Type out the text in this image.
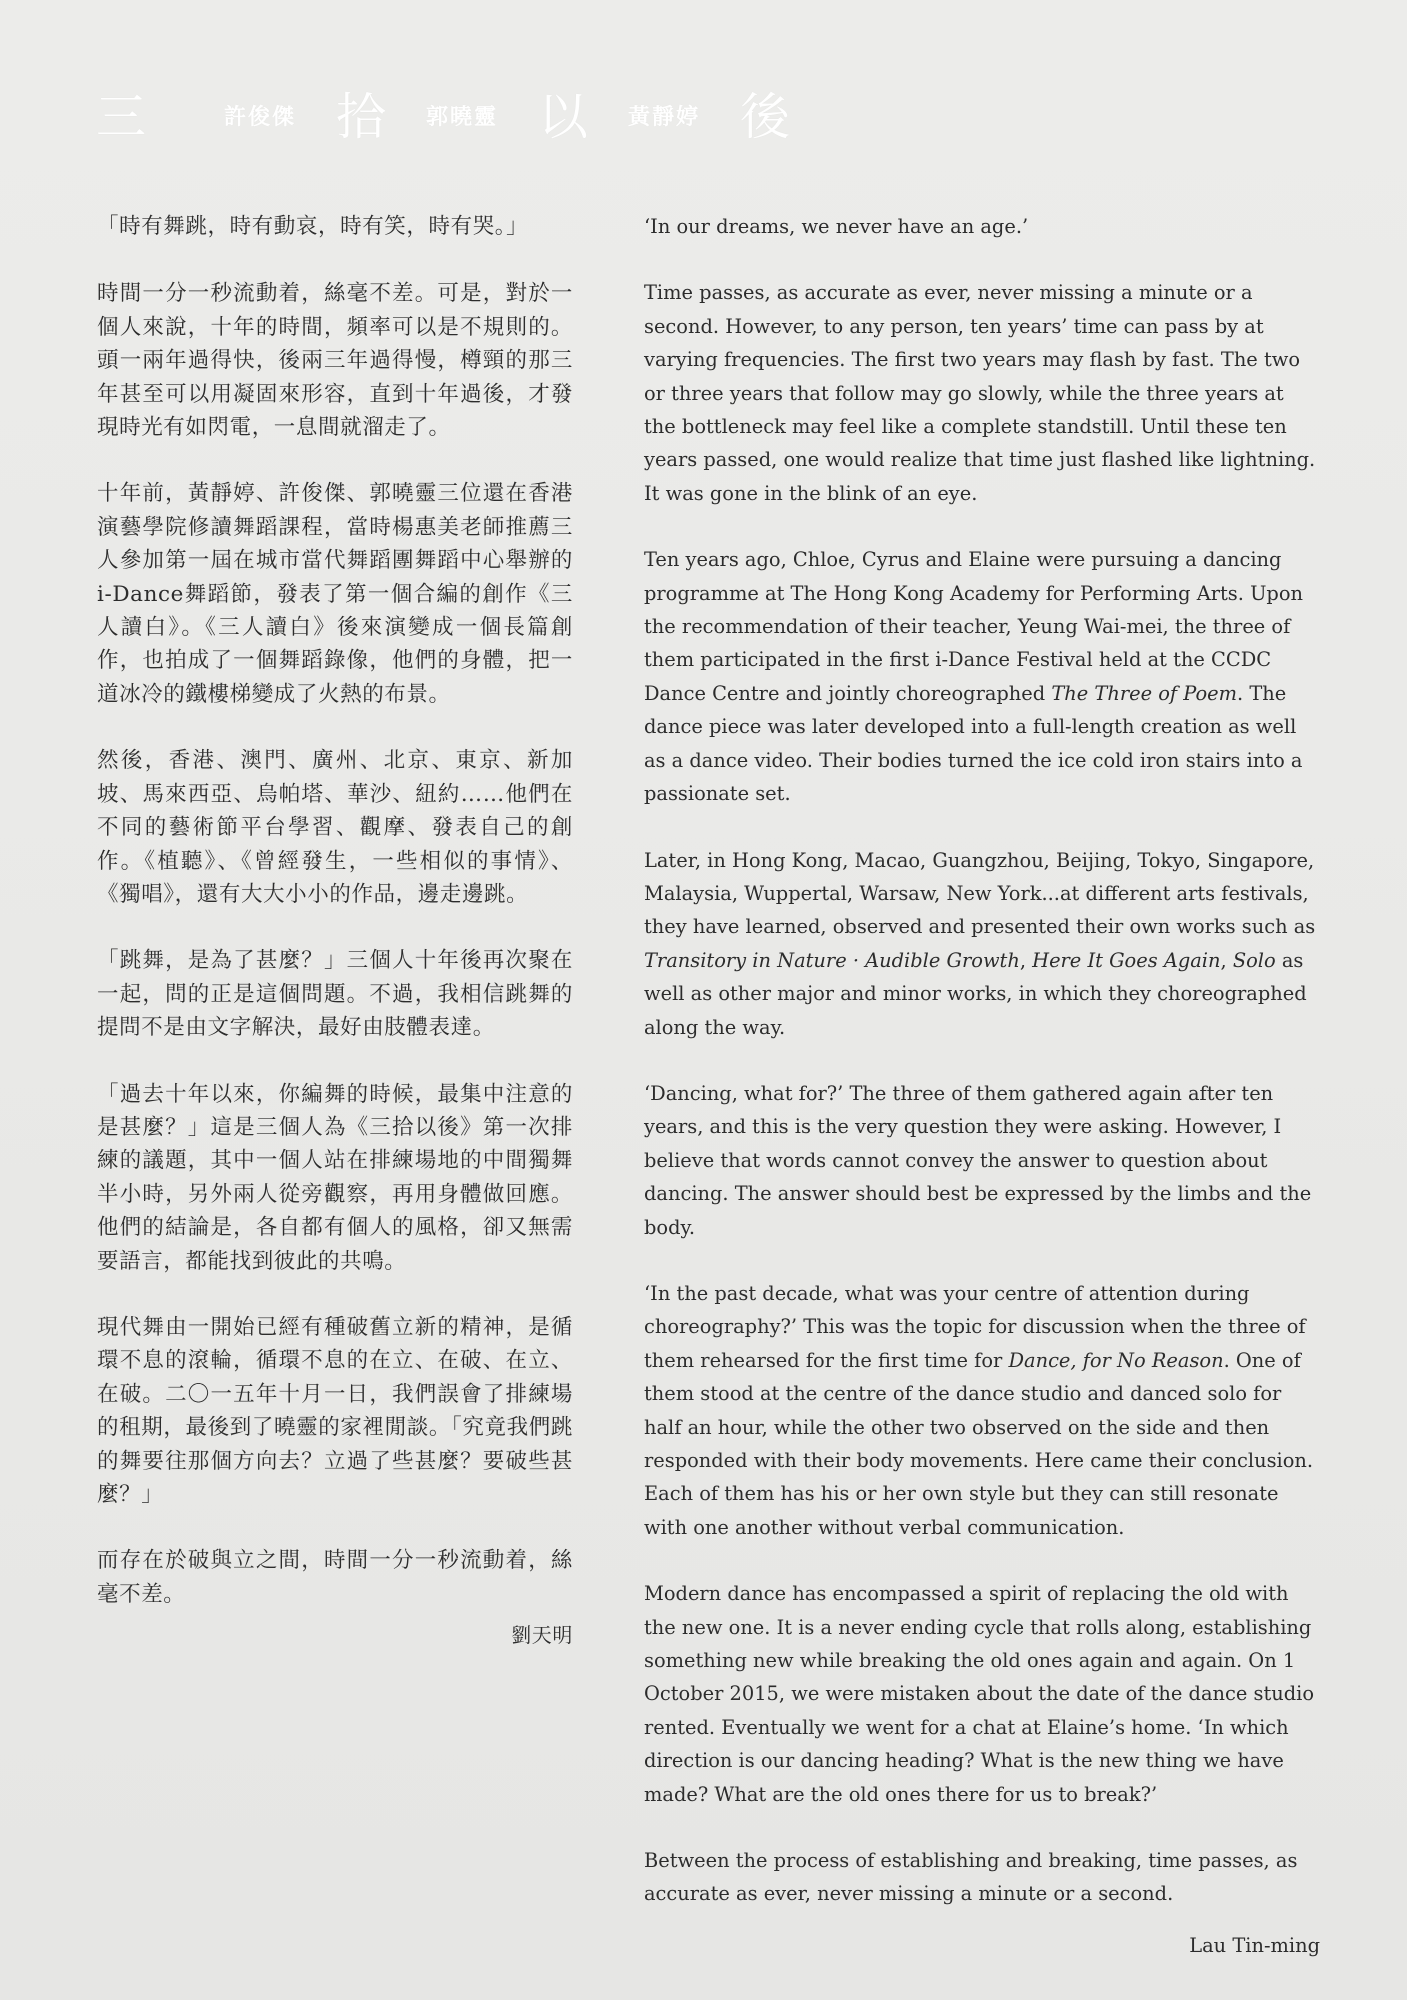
三	許俊傑 拾 郭曉靈 以 黃靜婷 後

「時有舞跳，時有動哀，時有笑，時有哭。」

時間一分一秒流動着，絲毫不差。可是，對於一個人來說，十年的時間，頻率可以是不規則的。頭一兩年過得快，後兩三年過得慢，樽頸的那三年甚至可以用凝固來形容，直到十年過後，才發現時光有如閃電，一息間就溜走了。

十年前，黃靜婷、許俊傑、郭曉靈三位還在香港演藝學院修讀舞蹈課程，當時楊惠美老師推薦三人參加第一屆在城市當代舞蹈團舞蹈中心舉辦的i-Dance舞蹈節，發表了第一個合編的創作《三人讀白》。《三人讀白》後來演變成一個長篇創作，也拍成了一個舞蹈錄像，他們的身體，把一道冰冷的鐵樓梯變成了火熱的布景。

然後，香港、澳門、廣州、北京、東京、新加坡、馬來西亞、烏帕塔、華沙、紐約……他們在不同的藝術節平台學習、觀摩、發表自己的創作。《植聽》、《曾經發生，一些相似的事情》、《獨唱》，還有大大小小的作品，邊走邊跳。

「跳舞，是為了甚麼？」三個人十年後再次聚在一起，問的正是這個問題。不過，我相信跳舞的提問不是由文字解決，最好由肢體表達。

「過去十年以來，你編舞的時候，最集中注意的是甚麼？」這是三個人為《三拾以後》第一次排練的議題，其中一個人站在排練場地的中間獨舞半小時，另外兩人從旁觀察，再用身體做回應。他們的結論是，各自都有個人的風格，卻又無需要語言，都能找到彼此的共鳴。

現代舞由一開始已經有種破舊立新的精神，是循環不息的滾輪，循環不息的在立、在破、在立、在破。二〇一五年十月一日，我們誤會了排練場的租期，最後到了曉靈的家裡閒談。「究竟我們跳的舞要往那個方向去？立過了些甚麼？要破些甚麼？」

而存在於破與立之間，時間一分一秒流動着，絲毫不差。

劉天明

‘In our dreams, we never have an age.’

Time passes, as accurate as ever, never missing a minute or a second. However, to any person, ten years’ time can pass by at varying frequencies. The first two years may flash by fast. The two or three years that follow may go slowly, while the three years at the bottleneck may feel like a complete standstill. Until these ten years passed, one would realize that time just flashed like lightning. It was gone in the blink of an eye.

Ten years ago, Chloe, Cyrus and Elaine were pursuing a dancing programme at The Hong Kong Academy for Performing Arts. Upon the recommendation of their teacher, Yeung Wai-mei, the three of them participated in the first i-Dance Festival held at the CCDC Dance Centre and jointly choreographed The Three of Poem. The dance piece was later developed into a full-length creation as well as a dance video. Their bodies turned the ice cold iron stairs into a passionate set.

Later, in Hong Kong, Macao, Guangzhou, Beijing, Tokyo, Singapore, Malaysia, Wuppertal, Warsaw, New York...at different arts festivals, they have learned, observed and presented their own works such as Transitory in Nature · Audible Growth, Here It Goes Again, Solo as well as other major and minor works, in which they choreographed along the way.

‘Dancing, what for?’ The three of them gathered again after ten years, and this is the very question they were asking. However, I believe that words cannot convey the answer to question about dancing. The answer should best be expressed by the limbs and the body.

‘In the past decade, what was your centre of attention during choreography?’ This was the topic for discussion when the three of them rehearsed for the first time for Dance, for No Reason. One of them stood at the centre of the dance studio and danced solo for half an hour, while the other two observed on the side and then responded with their body movements. Here came their conclusion. Each of them has his or her own style but they can still resonate with one another without verbal communication.

Modern dance has encompassed a spirit of replacing the old with the new one. It is a never ending cycle that rolls along, establishing something new while breaking the old ones again and again. On 1 October 2015, we were mistaken about the date of the dance studio rented. Eventually we went for a chat at Elaine’s home. ‘In which direction is our dancing heading? What is the new thing we have made? What are the old ones there for us to break?’

Between the process of establishing and breaking, time passes, as accurate as ever, never missing a minute or a second.

Lau Tin-ming
